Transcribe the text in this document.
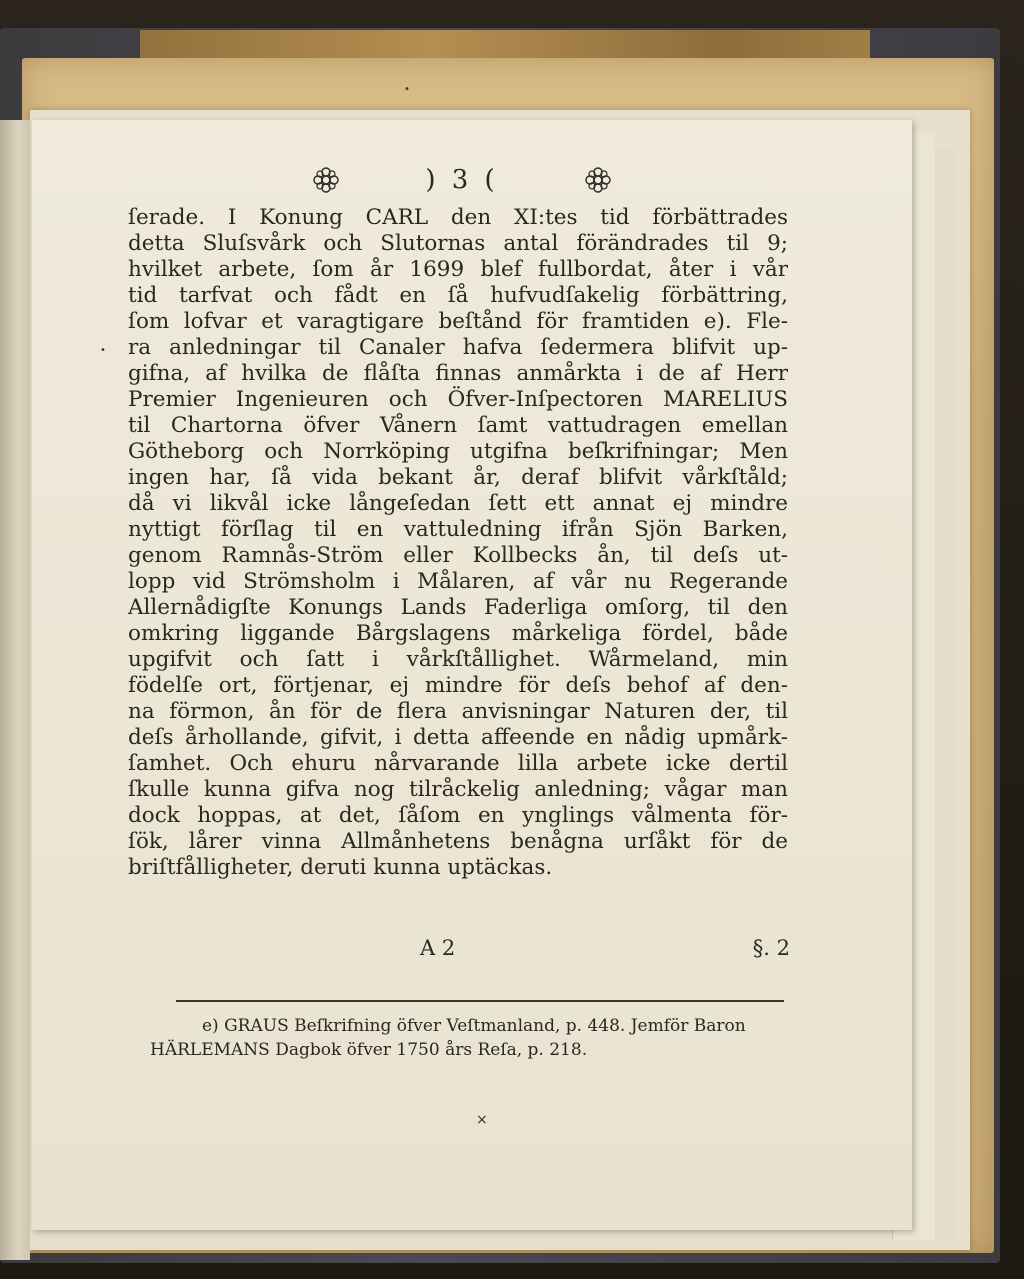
•
•
) 3 (
ſerade. I Konung CARL den XI:tes tid förbättrades
detta Sluſsvårk och Slutornas antal förändrades til 9;
hvilket arbete, ſom år 1699 blef fullbordat, åter i vår
tid tarfvat och fådt en ſå hufvudſakelig förbättring,
ſom lofvar et varagtigare beſtånd för framtiden e). Fle-
ra anledningar til Canaler hafva ſedermera blifvit up-
gifna, af hvilka de flåſta finnas anmårkta i de af Herr
Premier Ingenieuren och Öfver-Inſpectoren MARELIUS
til Chartorna öfver Vånern ſamt vattudragen emellan
Götheborg och Norrköping utgifna beſkrifningar; Men
ingen har, ſå vida bekant år, deraf blifvit vårkſtåld;
då vi likvål icke långeſedan ſett ett annat ej mindre
nyttigt förſlag til en vattuledning ifrån Sjön Barken,
genom Ramnås-Ström eller Kollbecks ån, til deſs ut-
lopp vid Strömsholm i Målaren, af vår nu Regerande
Allernådigſte Konungs Lands Faderliga omſorg, til den
omkring liggande Bårgslagens mårkeliga fördel, både
upgifvit och ſatt i vårkſtållighet. Wårmeland, min
födelſe ort, förtjenar, ej mindre för deſs behof af den-
na förmon, ån för de flera anvisningar Naturen der, til
deſs århollande, gifvit, i detta affeende en nådig upmårk-
ſamhet. Och ehuru nårvarande lilla arbete icke dertil
ſkulle kunna gifva nog tilråckelig anledning; vågar man
dock hoppas, at det, ſåſom en ynglings vålmenta för-
ſök, lårer vinna Allmånhetens benågna urſåkt för de
briſtfålligheter, deruti kunna uptäckas.
A 2	§. 2
e) GRAUS Beſkrifning öfver Veſtmanland, p. 448. Jemför Baron
HÄRLEMANS Dagbok öfver 1750 års Reſa, p. 218.
×
